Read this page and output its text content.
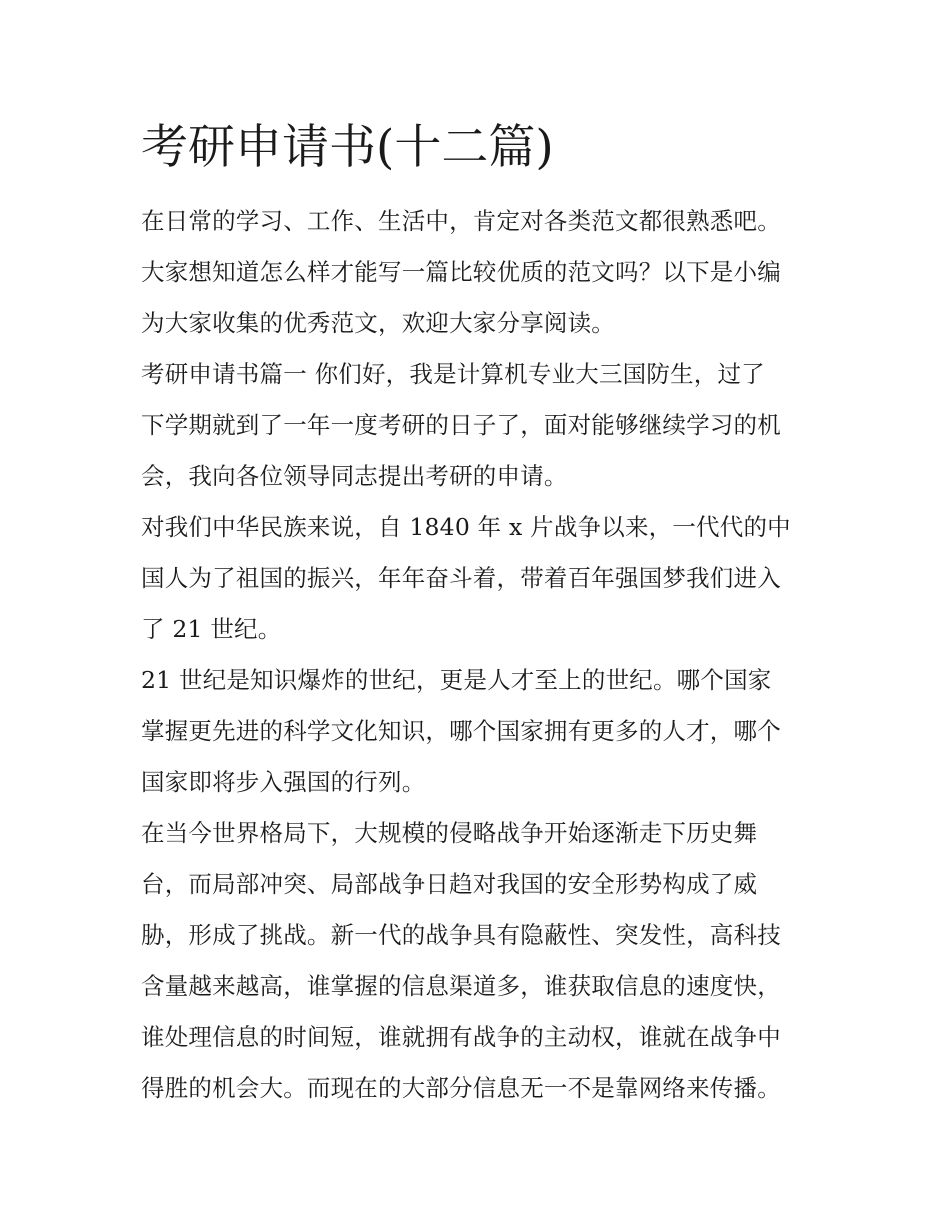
考研申请书(十二篇)
在日常的学习、工作、生活中，肯定对各类范文都很熟悉吧。
大家想知道怎么样才能写一篇比较优质的范文吗？以下是小编
为大家收集的优秀范文，欢迎大家分享阅读。
考研申请书篇一 你们好，我是计算机专业大三国防生，过了
下学期就到了一年一度考研的日子了，面对能够继续学习的机
会，我向各位领导同志提出考研的申请。
对我们中华民族来说，自 1840 年 x 片战争以来，一代代的中
国人为了祖国的振兴，年年奋斗着，带着百年强国梦我们进入
了 21 世纪。
21 世纪是知识爆炸的世纪，更是人才至上的世纪。哪个国家
掌握更先进的科学文化知识，哪个国家拥有更多的人才，哪个
国家即将步入强国的行列。
在当今世界格局下，大规模的侵略战争开始逐渐走下历史舞
台，而局部冲突、局部战争日趋对我国的安全形势构成了威
胁，形成了挑战。新一代的战争具有隐蔽性、突发性，高科技
含量越来越高，谁掌握的信息渠道多，谁获取信息的速度快，
谁处理信息的时间短，谁就拥有战争的主动权，谁就在战争中
得胜的机会大。而现在的大部分信息无一不是靠网络来传播。
